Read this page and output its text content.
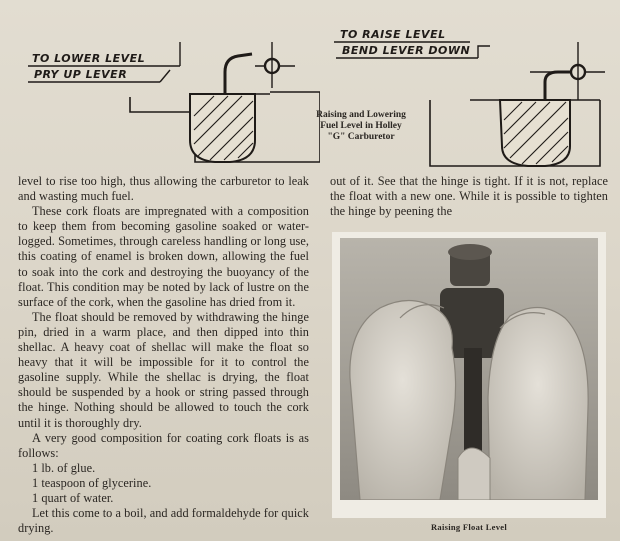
TO LOWER LEVEL
PRY UP LEVER
Raising and Lowering
Fuel Level in Holley
"G" Carburetor
TO RAISE LEVEL
BEND LEVER DOWN

level to rise too high, thus allowing the carburetor to leak and wasting much fuel.

These cork floats are impregnated with a composition to keep them from becoming gasoline soaked or water-logged. Sometimes, through careless handling or long use, this coating of enamel is broken down, allowing the fuel to soak into the cork and destroying the buoyancy of the float. This condition may be noted by lack of lustre on the surface of the cork, when the gasoline has dried from it.

The float should be removed by withdrawing the hinge pin, dried in a warm place, and then dipped into thin shellac. A heavy coat of shellac will make the float so heavy that it will be impossible for it to control the gasoline supply. While the shellac is drying, the float should be suspended by a hook or string passed through the hinge. Nothing should be allowed to touch the cork until it is thoroughly dry.

A very good composition for coating cork floats is as follows:

1 lb. of glue.

1 teaspoon of glycerine.

1 quart of water.

Let this come to a boil, and add formaldehyde for quick drying.

out of it. See that the hinge is tight. If it is not, replace the float with a new one. While it is possible to tighten the hinge by peening the

Raising Float Level
